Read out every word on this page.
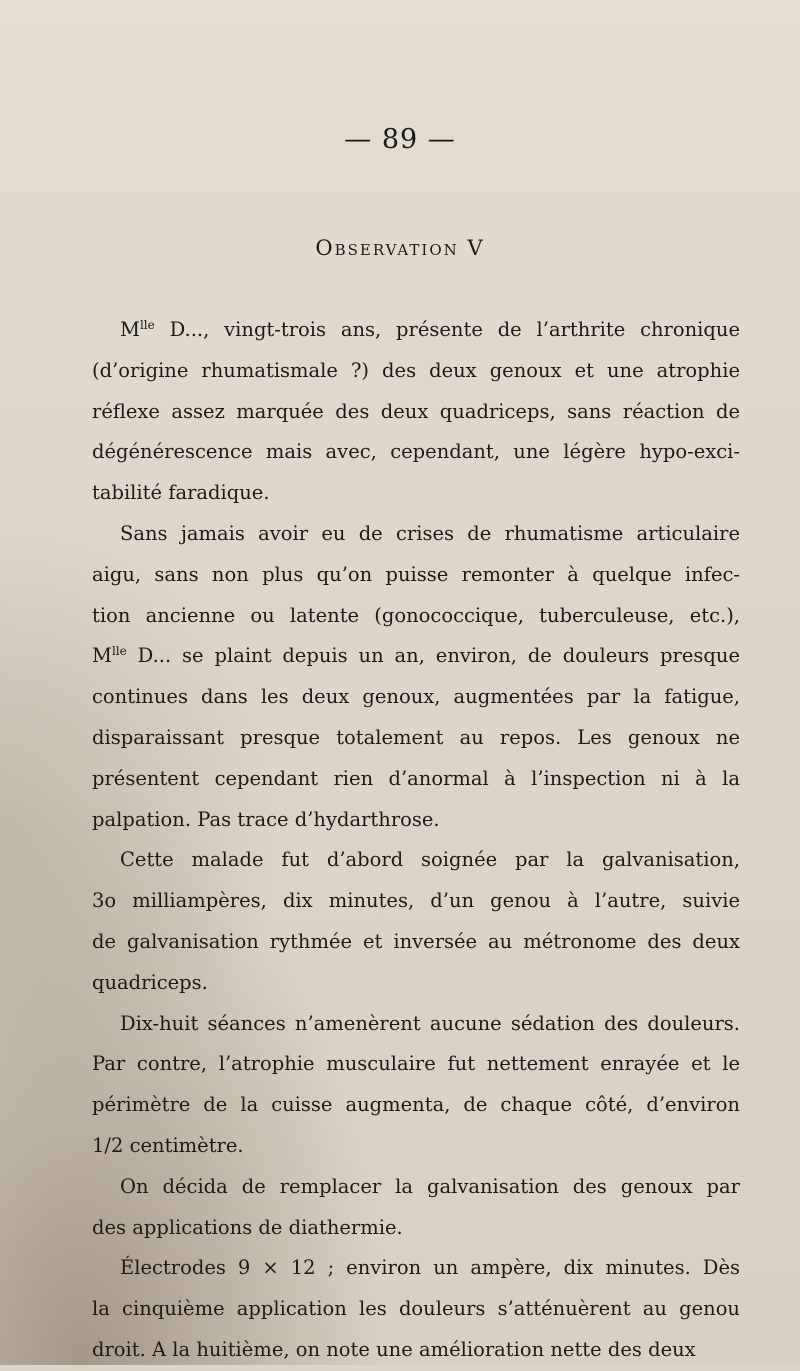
— 89 —
Observation V
$M^{lle}$ D..., vingt-trois ans, présente de l’arthrite chronique
(d’origine rhumatismale ?) des deux genoux et une atrophie
réflexe assez marquée des deux quadriceps, sans réaction de
dégénérescence mais avec, cependant, une légère hypo-exci-
tabilité faradique.
Sans jamais avoir eu de crises de rhumatisme articulaire
aigu, sans non plus qu’on puisse remonter à quelque infec-
tion ancienne ou latente (gonococcique, tuberculeuse, etc.),
$M^{lle}$ D... se plaint depuis un an, environ, de douleurs presque
continues dans les deux genoux, augmentées par la fatigue,
disparaissant presque totalement au repos. Les genoux ne
présentent cependant rien d’anormal à l’inspection ni à la
palpation. Pas trace d’hydarthrose.
Cette malade fut d’abord soignée par la galvanisation,
3o milliampères, dix minutes, d’un genou à l’autre, suivie
de galvanisation rythmée et inversée au métronome des deux
quadriceps.
Dix-huit séances n’amenèrent aucune sédation des douleurs.
Par contre, l’atrophie musculaire fut nettement enrayée et le
périmètre de la cuisse augmenta, de chaque côté, d’environ
1/2 centimètre.
On décida de remplacer la galvanisation des genoux par
des applications de diathermie.
Électrodes 9 × 12 ; environ un ampère, dix minutes. Dès
la cinquième application les douleurs s’atténuèrent au genou
droit. A la huitième, on note une amélioration nette des deux
